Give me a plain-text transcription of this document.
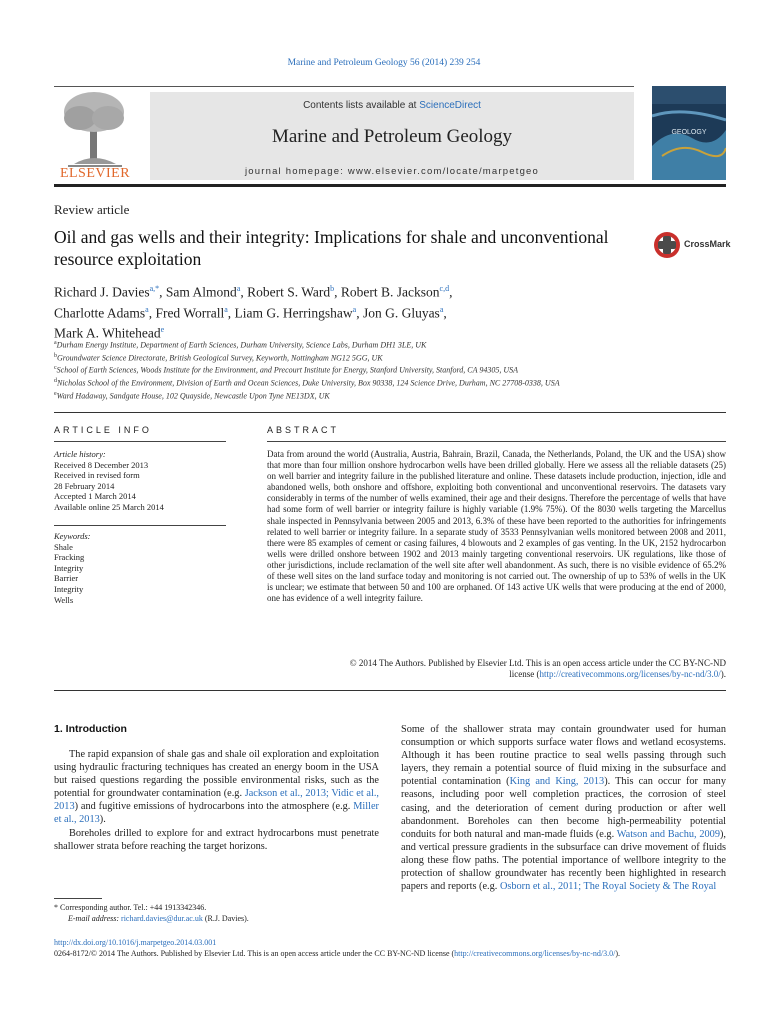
Marine and Petroleum Geology 56 (2014) 239 254
ELSEVIER
Contents lists available at ScienceDirect
Marine and Petroleum Geology
journal homepage: www.elsevier.com/locate/marpetgeo
GEOLOGY
Review article
Oil and gas wells and their integrity: Implications for shale and unconventional resource exploitation
CrossMark
Richard J. Davies$^{a,*}$, Sam Almond$^a$, Robert S. Ward$^b$, Robert B. Jackson$^{c,d}$,
Charlotte Adams$^a$, Fred Worrall$^a$, Liam G. Herringshaw$^a$, Jon G. Gluyas$^a$,
Mark A. Whitehead$^e$
$^a$Durham Energy Institute, Department of Earth Sciences, Durham University, Science Labs, Durham DH1 3LE, UK
$^b$Groundwater Science Directorate, British Geological Survey, Keyworth, Nottingham NG12 5GG, UK
$^c$School of Earth Sciences, Woods Institute for the Environment, and Precourt Institute for Energy, Stanford University, Stanford, CA 94305, USA
$^d$Nicholas School of the Environment, Division of Earth and Ocean Sciences, Duke University, Box 90338, 124 Science Drive, Durham, NC 27708-0338, USA
$^e$Ward Hadaway, Sandgate House, 102 Quayside, Newcastle Upon Tyne NE13DX, UK
ARTICLE INFO
Article history:
Received 8 December 2013
Received in revised form
28 February 2014
Accepted 1 March 2014
Available online 25 March 2014
Keywords:
Shale
Fracking
Integrity
Barrier
Integrity
Wells
ABSTRACT
Data from around the world (Australia, Austria, Bahrain, Brazil, Canada, the Netherlands, Poland, the UK and the USA) show that more than four million onshore hydrocarbon wells have been drilled globally. Here we assess all the reliable datasets (25) on well barrier and integrity failure in the published literature and online. These datasets include production, injection, idle and abandoned wells, both onshore and offshore, exploiting both conventional and unconventional reservoirs. The datasets vary considerably in terms of the number of wells examined, their age and their designs. Therefore the percentage of wells that have had some form of well barrier or integrity failure is highly variable (1.9% 75%). Of the 8030 wells targeting the Marcellus shale inspected in Pennsylvania between 2005 and 2013, 6.3% of these have been reported to the authorities for infringements related to well barrier or integrity failure. In a separate study of 3533 Pennsylvanian wells monitored between 2008 and 2011, there were 85 examples of cement or casing failures, 4 blowouts and 2 examples of gas venting. In the UK, 2152 hydrocarbon wells were drilled onshore between 1902 and 2013 mainly targeting conventional reservoirs. UK regulations, like those of other jurisdictions, include reclamation of the well site after well abandonment. As such, there is no visible evidence of 65.2% of these well sites on the land surface today and monitoring is not carried out. The ownership of up to 53% of wells in the UK is unclear; we estimate that between 50 and 100 are orphaned. Of 143 active UK wells that were producing at the end of 2000, one has evidence of a well integrity failure.
© 2014 The Authors. Published by Elsevier Ltd. This is an open access article under the CC BY-NC-ND
license (http://creativecommons.org/licenses/by-nc-nd/3.0/).
1. Introduction

The rapid expansion of shale gas and shale oil exploration and exploitation using hydraulic fracturing techniques has created an energy boom in the USA but raised questions regarding the possible environmental risks, such as the potential for groundwater contamination (e.g. Jackson et al., 2013; Vidic et al., 2013) and fugitive emissions of hydrocarbons into the atmosphere (e.g. Miller et al., 2013).

Boreholes drilled to explore for and extract hydrocarbons must penetrate shallower strata before reaching the target horizons.

Some of the shallower strata may contain groundwater used for human consumption or which supports surface water flows and wetland ecosystems. Although it has been routine practice to seal wells passing through such layers, they remain a potential source of fluid mixing in the subsurface and potential contamination (King and King, 2013). This can occur for many reasons, including poor well completion practices, the corrosion of steel casing, and the deterioration of cement during production or after well abandonment. Boreholes can then become high-permeability potential conduits for both natural and man-made fluids (e.g. Watson and Bachu, 2009), and vertical pressure gradients in the subsurface can drive movement of fluids along these flow paths. The potential importance of wellbore integrity to the protection of shallow groundwater has recently been highlighted in research papers and reports (e.g. Osborn et al., 2011; The Royal Society & The Royal
* Corresponding author. Tel.: +44 1913342346.
E-mail address: richard.davies@dur.ac.uk (R.J. Davies).
http://dx.doi.org/10.1016/j.marpetgeo.2014.03.001
0264-8172/© 2014 The Authors. Published by Elsevier Ltd. This is an open access article under the CC BY-NC-ND license (http://creativecommons.org/licenses/by-nc-nd/3.0/).
